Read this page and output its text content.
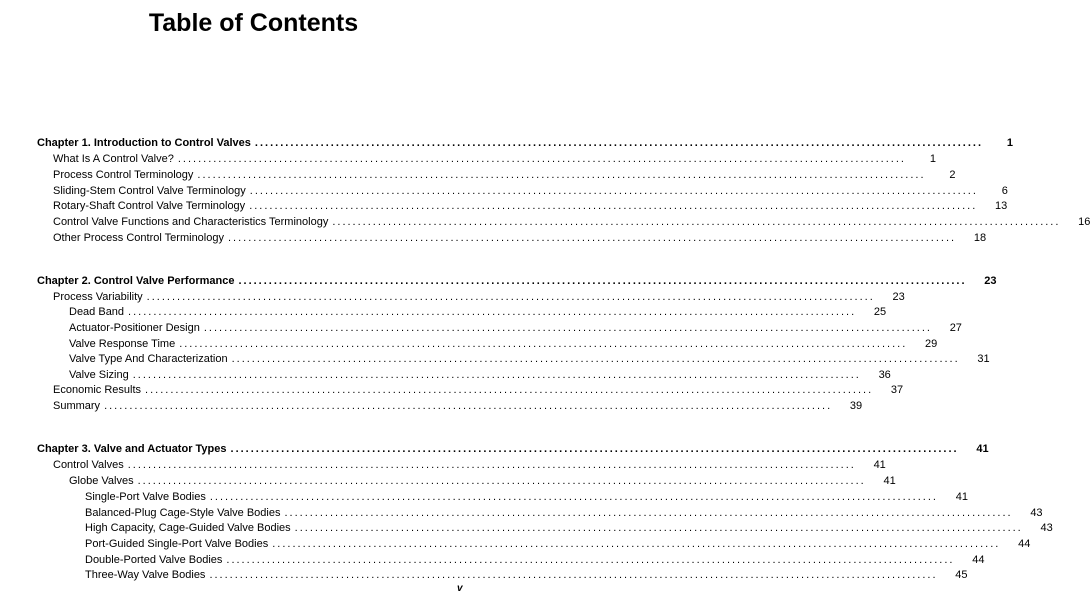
Table of Contents
Chapter 1. Introduction to Control Valves ................................................................................................................................................	1
What Is A Control Valve? ................................................................................................................................................	1
Process Control Terminology ................................................................................................................................................	2
Sliding-Stem Control Valve Terminology ................................................................................................................................................	6
Rotary-Shaft Control Valve Terminology ................................................................................................................................................	13
Control Valve Functions and Characteristics Terminology ................................................................................................................................................	16
Other Process Control Terminology ................................................................................................................................................	18
Chapter 2. Control Valve Performance ................................................................................................................................................	23
Process Variability ................................................................................................................................................	23
Dead Band ................................................................................................................................................	25
Actuator-Positioner Design ................................................................................................................................................	27
Valve Response Time ................................................................................................................................................	29
Valve Type And Characterization ................................................................................................................................................	31
Valve Sizing ................................................................................................................................................	36
Economic Results ................................................................................................................................................	37
Summary ................................................................................................................................................	39
Chapter 3. Valve and Actuator Types ................................................................................................................................................	41
Control Valves ................................................................................................................................................	41
Globe Valves ................................................................................................................................................	41
Single-Port Valve Bodies ................................................................................................................................................	41
Balanced-Plug Cage-Style Valve Bodies ................................................................................................................................................	43
High Capacity, Cage-Guided Valve Bodies ................................................................................................................................................	43
Port-Guided Single-Port Valve Bodies ................................................................................................................................................	44
Double-Ported Valve Bodies ................................................................................................................................................	44
Three-Way Valve Bodies ................................................................................................................................................	45
v
